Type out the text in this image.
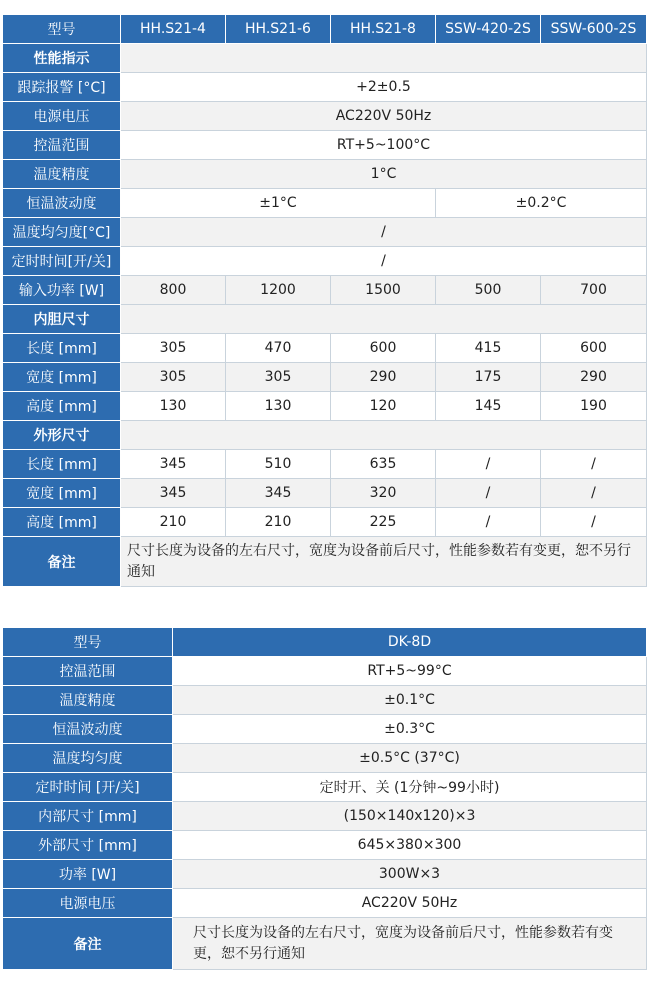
型号	HH.S21-4	HH.S21-6	HH.S21-8	SSW-420-2S	SSW-600-2S
性能指示					
跟踪报警 [°C]	+2±0.5				
电源电压	AC220V 50Hz				
控温范围	RT+5~100°C				
温度精度	1°C				
恒温波动度	±1°C			±0.2°C	
温度均匀度[°C]	/				
定时时间[开/关]	/				
输入功率 [W]	800	1200	1500	500	700
内胆尺寸					
长度 [mm]	305	470	600	415	600
宽度 [mm]	305	305	290	175	290
高度 [mm]	130	130	120	145	190
外形尺寸					
长度 [mm]	345	510	635	/	/
宽度 [mm]	345	345	320	/	/
高度 [mm]	210	210	225	/	/
备注	尺寸长度为设备的左右尺寸，宽度为设备前后尺寸，性能参数若有变更，恕不另行通知				
型号	DK-8D
控温范围	RT+5~99°C
温度精度	±0.1°C
恒温波动度	±0.3°C
温度均匀度	±0.5°C (37°C)
定时时间 [开/关]	定时开、关 (1分钟~99小时)
内部尺寸 [mm]	(150×140x120)×3
外部尺寸 [mm]	645×380×300
功率 [W]	300W×3
电源电压	AC220V 50Hz
备注	尺寸长度为设备的左右尺寸，宽度为设备前后尺寸，性能参数若有变更，恕不另行通知
